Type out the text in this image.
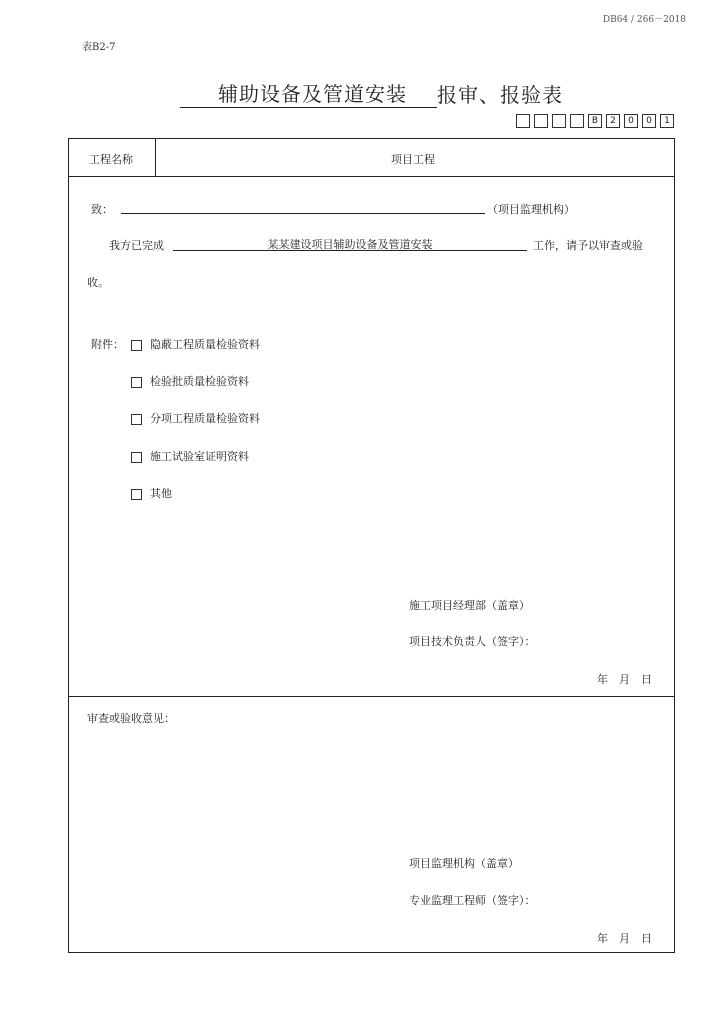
DB64 / 266－2018
表B2-7
辅助设备及管道安装 报审、报验表
B	2	0	0	1
工程名称	项目工程
致：	（项目监理机构）
我方已完成	某某建设项目辅助设备及管道安装	工作，请予以审查或验
收。
附件：	隐蔽工程质量检验资料
检验批质量检验资料
分项工程质量检验资料
施工试验室证明资料
其他
施工项目经理部（盖章）
项目技术负责人（签字）：
年　月　日
审查或验收意见：
项目监理机构（盖章）
专业监理工程师（签字）：
年　月　日
